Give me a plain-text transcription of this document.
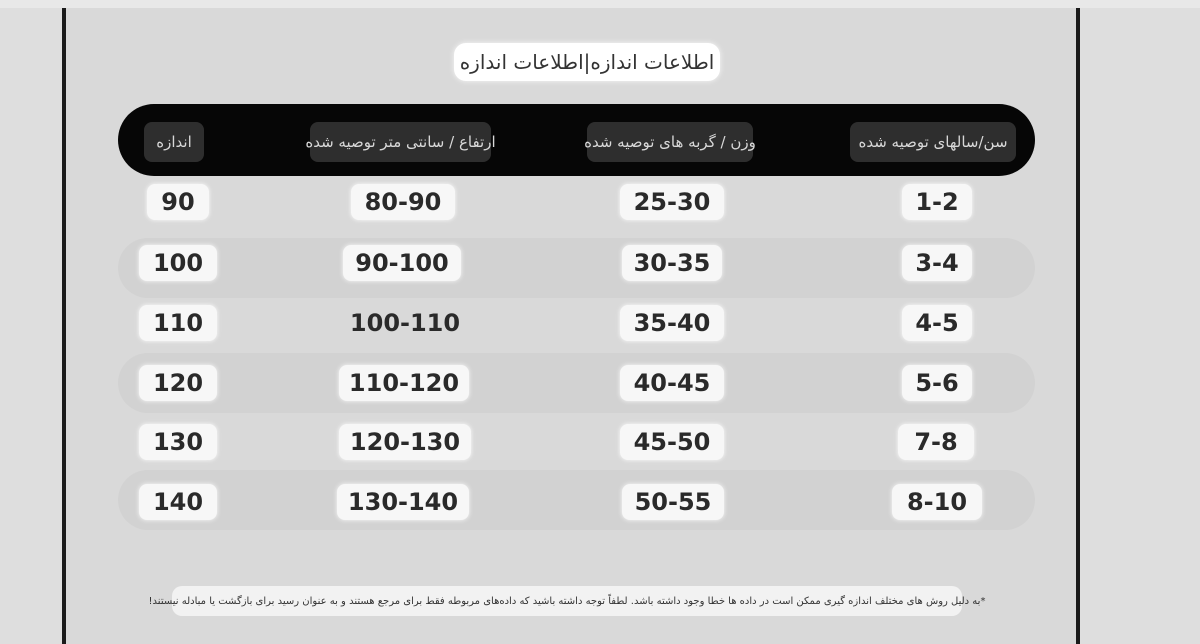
اطلاعات اندازه|اطلاعات اندازه
سن/سالهای توصیه شده
وزن / گربه های توصیه شده
ارتفاع / سانتی متر توصیه شده
اندازه
1-2
25-30
80-90
90
3-4
30-35
90-100
100
4-5
35-40
100-110
110
5-6
40-45
110-120
120
7-8
45-50
120-130
130
8-10
50-55
130-140
140
*به دلیل روش های مختلف اندازه گیری ممکن است در داده ها خطا وجود داشته باشد. لطفاً توجه داشته باشید که داده‌های مربوطه فقط برای مرجع هستند و به عنوان رسید برای بازگشت یا مبادله نیستند!
